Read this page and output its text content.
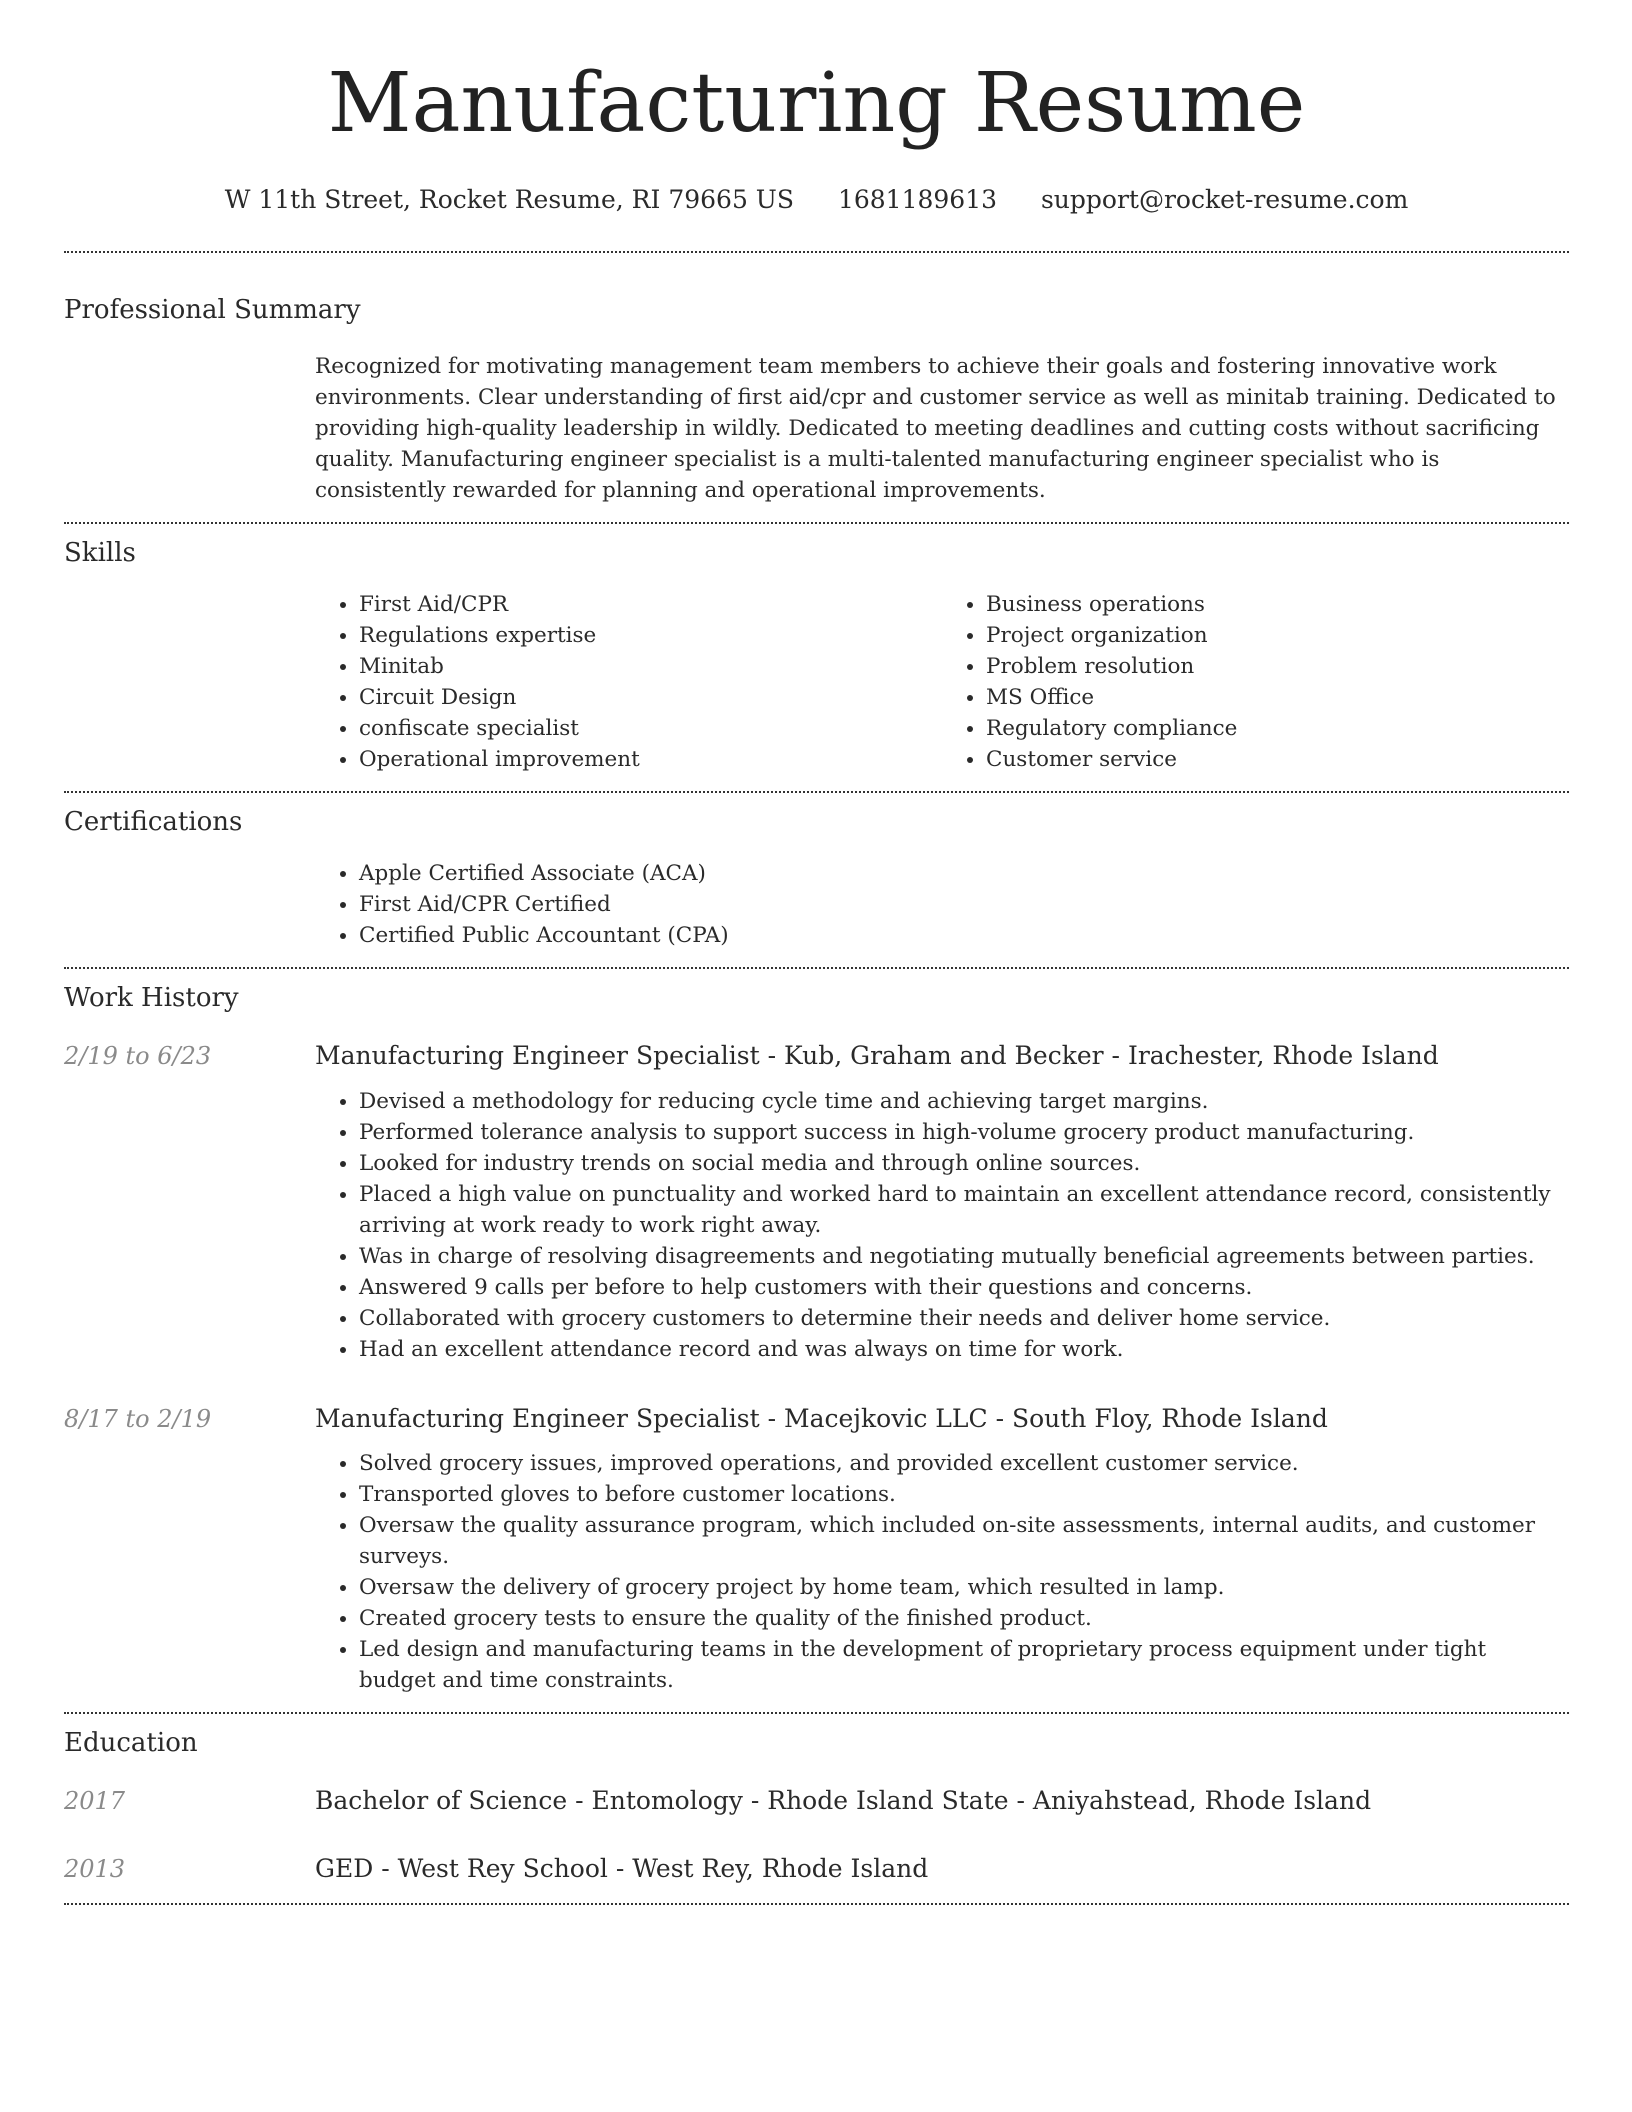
Manufacturing Resume
W 11th Street, Rocket Resume, RI 79665 US 1681189613 support@rocket-resume.com
Professional Summary

Recognized for motivating management team members to achieve their goals and fostering innovative work environments. Clear understanding of first aid/cpr and customer service as well as minitab training. Dedicated to providing high-quality leadership in wildly. Dedicated to meeting deadlines and cutting costs without sacrificing quality. Manufacturing engineer specialist is a multi-talented manufacturing engineer specialist who is consistently rewarded for planning and operational improvements.

Skills
• First Aid/CPR
• Regulations expertise
• Minitab
• Circuit Design
• confiscate specialist
• Operational improvement
• Business operations
• Project organization
• Problem resolution
• MS Office
• Regulatory compliance
• Customer service
Certifications
• Apple Certified Associate (ACA)
• First Aid/CPR Certified
• Certified Public Accountant (CPA)
Work History
2/19 to 6/23	Manufacturing Engineer Specialist - Kub, Graham and Becker - Irachester, Rhode Island
• Devised a methodology for reducing cycle time and achieving target margins.
• Performed tolerance analysis to support success in high-volume grocery product manufacturing.
• Looked for industry trends on social media and through online sources.
• Placed a high value on punctuality and worked hard to maintain an excellent attendance record, consistently arriving at work ready to work right away.
• Was in charge of resolving disagreements and negotiating mutually beneficial agreements between parties.
• Answered 9 calls per before to help customers with their questions and concerns.
• Collaborated with grocery customers to determine their needs and deliver home service.
• Had an excellent attendance record and was always on time for work.
8/17 to 2/19	Manufacturing Engineer Specialist - Macejkovic LLC - South Floy, Rhode Island
• Solved grocery issues, improved operations, and provided excellent customer service.
• Transported gloves to before customer locations.
• Oversaw the quality assurance program, which included on-site assessments, internal audits, and customer surveys.
• Oversaw the delivery of grocery project by home team, which resulted in lamp.
• Created grocery tests to ensure the quality of the finished product.
• Led design and manufacturing teams in the development of proprietary process equipment under tight budget and time constraints.
Education
2017	Bachelor of Science - Entomology - Rhode Island State - Aniyahstead, Rhode Island
2013	GED - West Rey School - West Rey, Rhode Island
